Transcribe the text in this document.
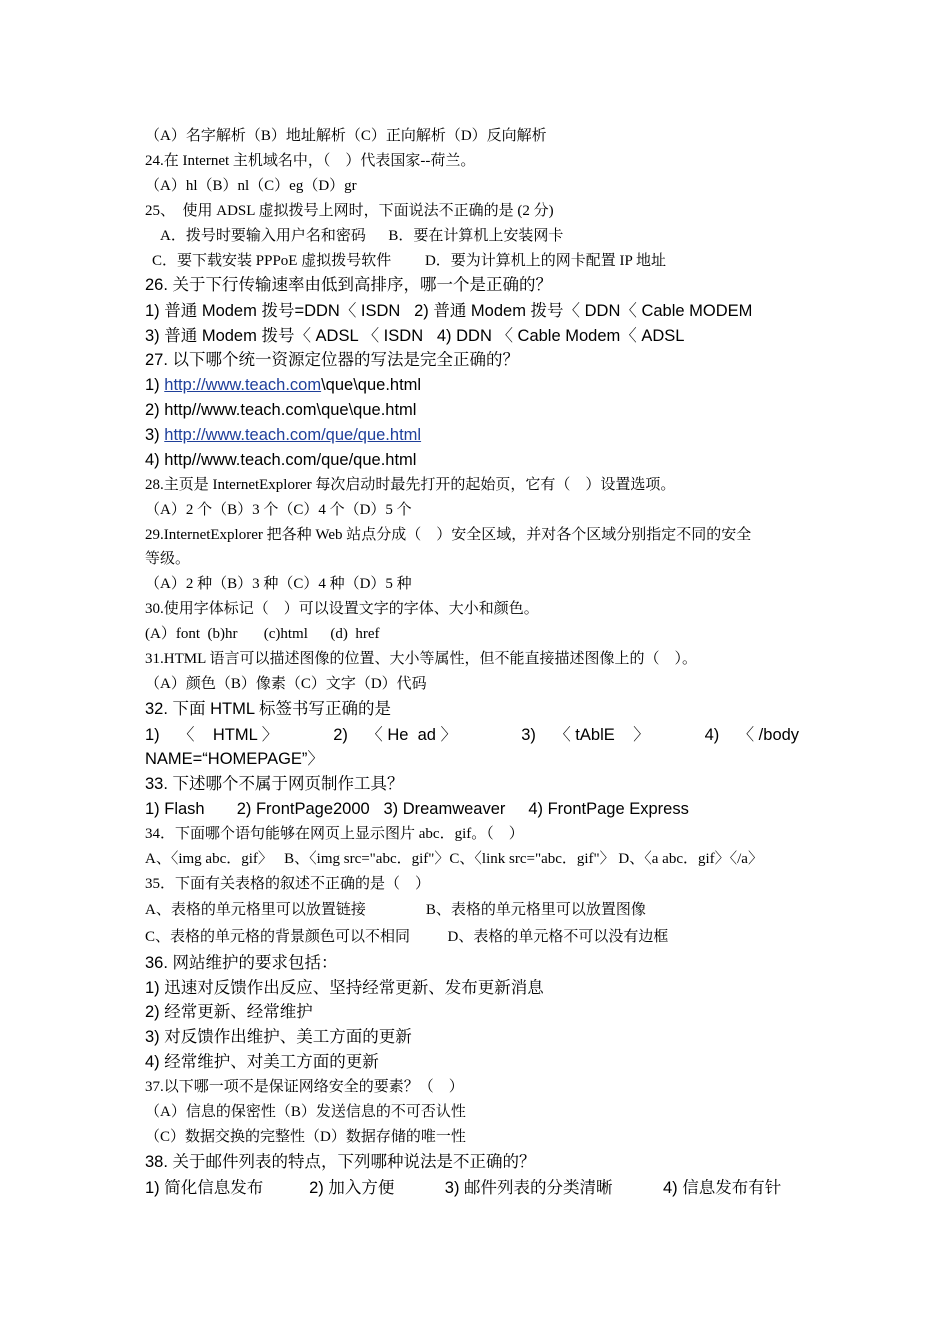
（A）名字解析（B）地址解析（C）正向解析（D）反向解析
24.在 Internet 主机域名中，（    ）代表国家--荷兰。
（A）hl（B）nl（C）eg（D）gr
25、  使用 ADSL 虚拟拨号上网时，下面说法不正确的是 (2 分)
A．拨号时要输入用户名和密码      B．要在计算机上安装网卡
C．要下载安装 PPPoE 虚拟拨号软件         D．要为计算机上的网卡配置 IP 地址
26. 关于下行传输速率由低到高排序，哪一个是正确的？
1) 普通 Modem 拨号=DDN〈 ISDN   2) 普通 Modem 拨号〈 DDN〈 Cable MODEM
3) 普通 Modem 拨号〈 ADSL 〈 ISDN   4) DDN 〈 Cable Modem〈 ADSL
27. 以下哪个统一资源定位器的写法是完全正确的？
1) http://www.teach.com\que\que.html
2) http//www.teach.com\que\que.html
3) http://www.teach.com/que/que.html
4) http//www.teach.com/que/que.html
28.主页是 InternetExplorer 每次启动时最先打开的起始页，它有（    ）设置选项。
（A）2 个（B）3 个（C）4 个（D）5 个
29.InternetExplorer 把各种 Web 站点分成（    ）安全区域，并对各个区域分别指定不同的安全
等级。
（A）2 种（B）3 种（C）4 种（D）5 种
30.使用字体标记（    ）可以设置文字的字体、大小和颜色。
(A）font  (b)hr       (c)html      (d)  href
31.HTML 语言可以描述图像的位置、大小等属性，但不能直接描述图像上的（    ）。
（A）颜色（B）像素（C）文字（D）代码
32. 下面 HTML 标签书写正确的是
1)    〈    HTML 〉            2)    〈 He  ad 〉              3)    〈 tAblE    〉            4)    〈 /body
NAME=“HOMEPAGE”〉
33. 下述哪个不属于网页制作工具？
1) Flash       2) FrontPage2000   3) Dreamweaver     4) FrontPage Express
34．下面哪个语句能够在网页上显示图片 abc．gif。（    ）
A、〈img abc．gif〉   B、〈img src="abc．gif"〉C、〈link src="abc．gif"〉 D、〈a abc．gif〉〈/a〉
35．下面有关表格的叙述不正确的是（    ）
A、表格的单元格里可以放置链接                B、表格的单元格里可以放置图像
C、表格的单元格的背景颜色可以不相同          D、表格的单元格不可以没有边框
36. 网站维护的要求包括：
1) 迅速对反馈作出反应、坚持经常更新、发布更新消息
2) 经常更新、经常维护
3) 对反馈作出维护、美工方面的更新
4) 经常维护、对美工方面的更新
37.以下哪一项不是保证网络安全的要素？（    ）
（A）信息的保密性（B）发送信息的不可否认性
（C）数据交换的完整性（D）数据存储的唯一性
38. 关于邮件列表的特点，下列哪种说法是不正确的？
1) 简化信息发布          2) 加入方便           3) 邮件列表的分类清晰           4) 信息发布有针
